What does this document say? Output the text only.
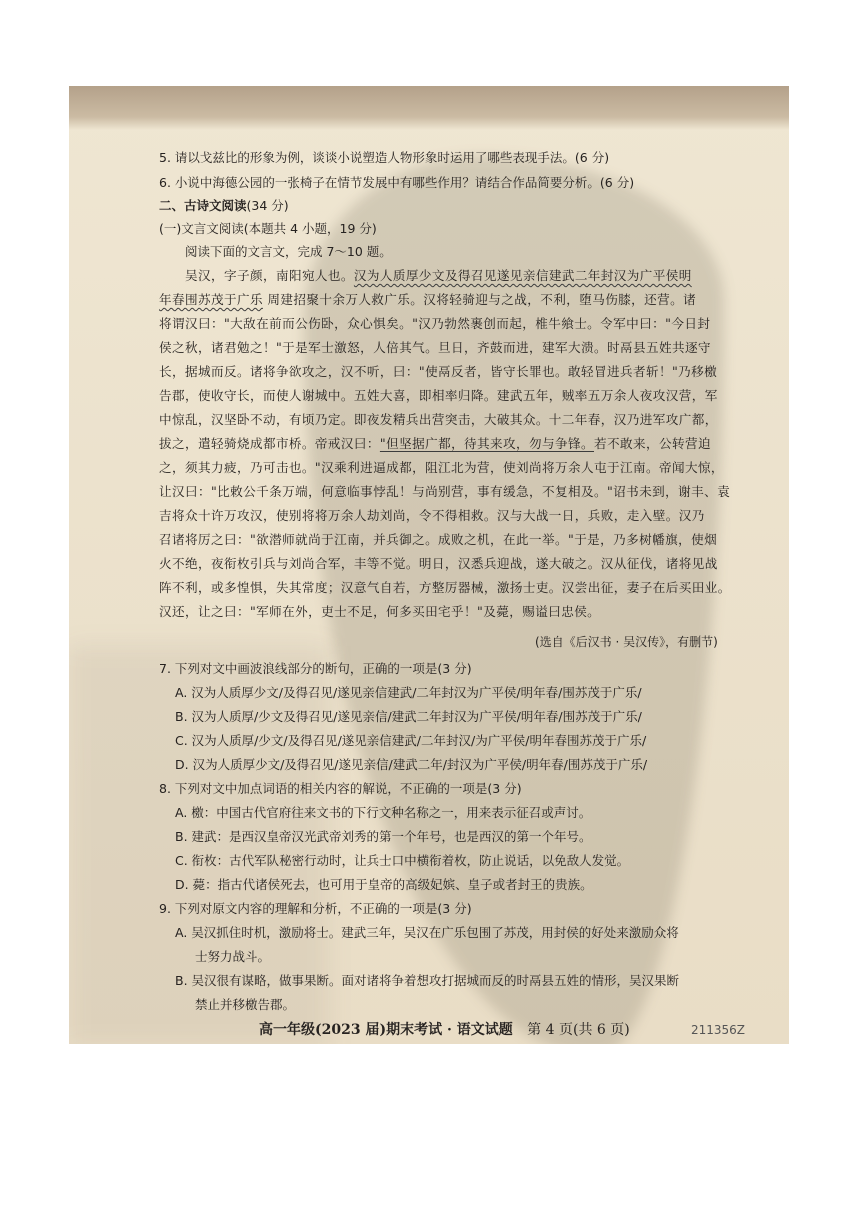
5. 请以戈兹比的形象为例，谈谈小说塑造人物形象时运用了哪些表现手法。(6 分)
6. 小说中海德公园的一张椅子在情节发展中有哪些作用？请结合作品简要分析。(6 分)
二、古诗文阅读(34 分)
(一)文言文阅读(本题共 4 小题，19 分)
阅读下面的文言文，完成 7～10 题。
吴汉，字子颜，南阳宛人也。汉为人质厚少文及得召见遂见亲信建武二年封汉为广平侯明
年春围苏茂于广乐 周建招聚十余万人救广乐。汉将轻骑迎与之战，不利，堕马伤膝，还营。诸
将谓汉曰："大敌在前而公伤卧，众心惧矣。"汉乃勃然裹创而起，椎牛飨士。令军中曰："今日封
侯之秋，诸君勉之！"于是军士激怒，人倍其气。旦日，齐鼓而进，建军大溃。时鬲县五姓共逐守
长，据城而反。诸将争欲攻之，汉不听，曰："使鬲反者，皆守长罪也。敢轻冒进兵者斩！"乃移檄
告郡，使收守长，而使人谢城中。五姓大喜，即相率归降。建武五年，贼率五万余人夜攻汉营，军
中惊乱，汉坚卧不动，有顷乃定。即夜发精兵出营突击，大破其众。十二年春，汉乃进军攻广都，
拔之，遣轻骑烧成都市桥。帝戒汉曰："但坚据广都，待其来攻，勿与争锋。若不敢来，公转营迫
之，须其力疲，乃可击也。"汉乘利进逼成都，阻江北为营，使刘尚将万余人屯于江南。帝闻大惊，
让汉曰："比敕公千条万端，何意临事悖乱！与尚别营，事有缓急，不复相及。"诏书未到，谢丰、袁
吉将众十许万攻汉，使别将将万余人劫刘尚，令不得相救。汉与大战一日，兵败，走入壁。汉乃
召诸将厉之曰："欲潜师就尚于江南，并兵御之。成败之机，在此一举。"于是，乃多树幡旗，使烟
火不绝，夜衔枚引兵与刘尚合军，丰等不觉。明日，汉悉兵迎战，遂大破之。汉从征伐，诸将见战
阵不利，或多惶惧，失其常度；汉意气自若，方整厉器械，激扬士吏。汉尝出征，妻子在后买田业。
汉还，让之曰："军师在外，吏士不足，何多买田宅乎！"及薨，赐谥曰忠侯。
(选自《后汉书 · 吴汉传》，有删节)
7. 下列对文中画波浪线部分的断句，正确的一项是(3 分)
A. 汉为人质厚少文/及得召见/遂见亲信建武/二年封汉为广平侯/明年春/围苏茂于广乐/
B. 汉为人质厚/少文及得召见/遂见亲信/建武二年封汉为广平侯/明年春/围苏茂于广乐/
C. 汉为人质厚/少文/及得召见/遂见亲信建武/二年封汉/为广平侯/明年春围苏茂于广乐/
D. 汉为人质厚少文/及得召见/遂见亲信/建武二年/封汉为广平侯/明年春/围苏茂于广乐/
8. 下列对文中加点词语的相关内容的解说，不正确的一项是(3 分)
A. 檄：中国古代官府往来文书的下行文种名称之一，用来表示征召或声讨。
B. 建武：是西汉皇帝汉光武帝刘秀的第一个年号，也是西汉的第一个年号。
C. 衔枚：古代军队秘密行动时，让兵士口中横衔着枚，防止说话，以免敌人发觉。
D. 薨：指古代诸侯死去，也可用于皇帝的高级妃嫔、皇子或者封王的贵族。
9. 下列对原文内容的理解和分析，不正确的一项是(3 分)
A. 吴汉抓住时机，激励将士。建武三年，吴汉在广乐包围了苏茂，用封侯的好处来激励众将
士努力战斗。
B. 吴汉很有谋略，做事果断。面对诸将争着想攻打据城而反的时鬲县五姓的情形，吴汉果断
禁止并移檄告郡。
高一年级(2023 届)期末考试 · 语文试题 第 4 页(共 6 页)	211356Z
